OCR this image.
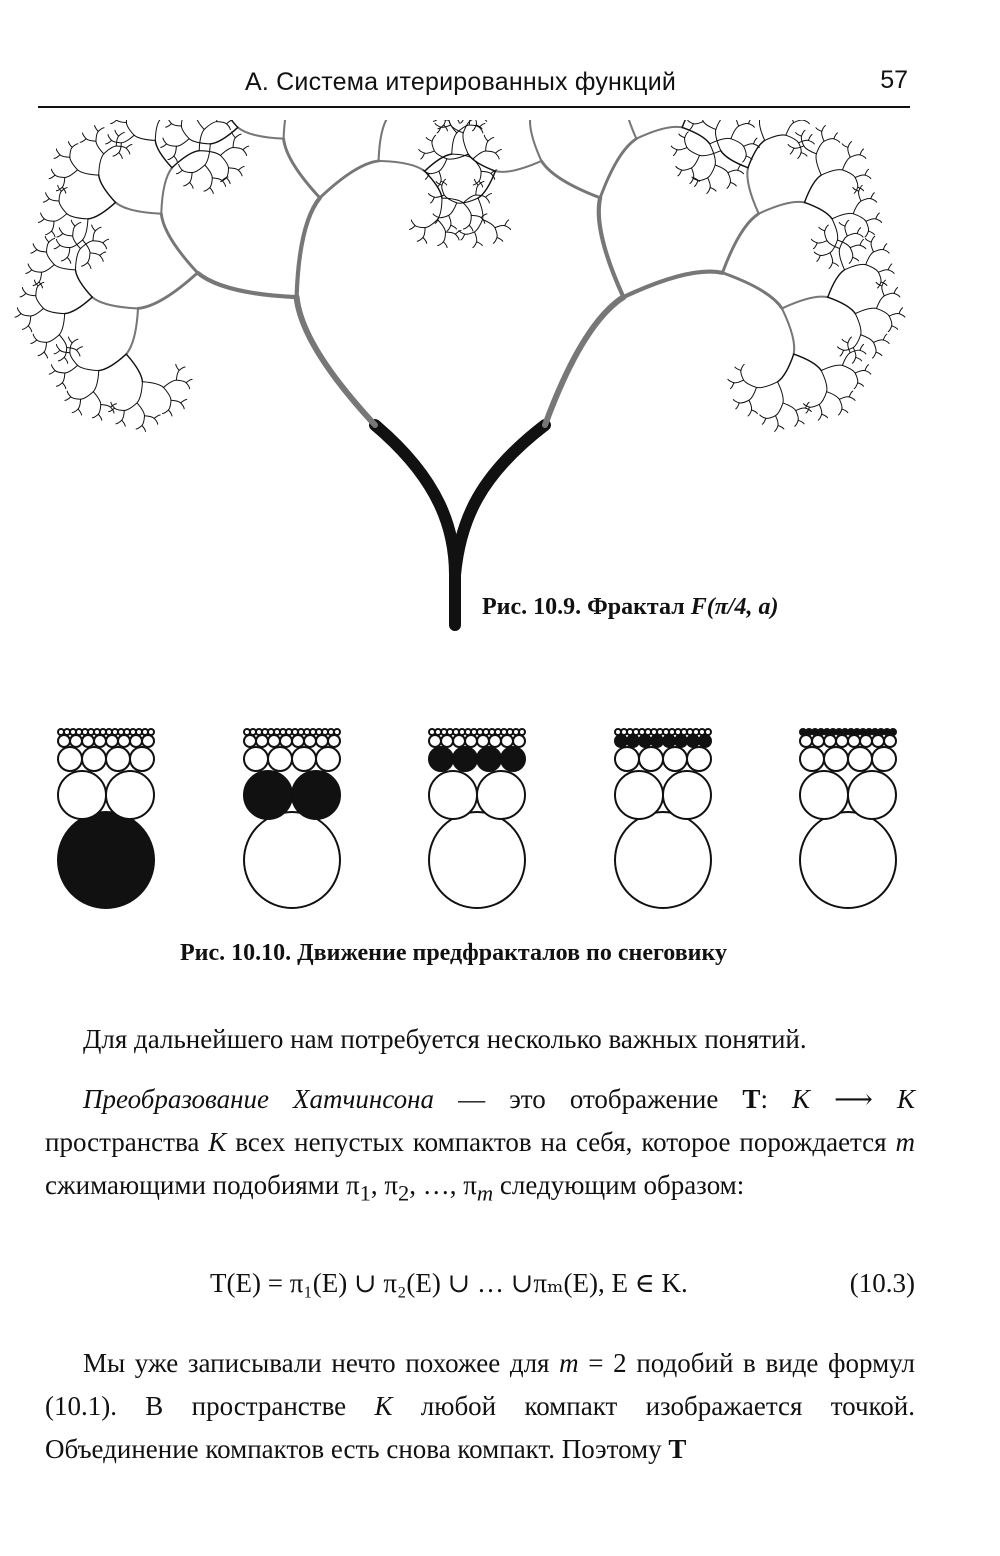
А. Система итерированных функций	57
Рис. 10.9. Фрактал F(π/4, a)
Рис. 10.10. Движение предфракталов по снеговику
Для дальнейшего нам потребуется несколько важных понятий.
Преобразование Хатчинсона — это отображение Т: K ⟶ K пространства K всех непустых компактов на себя, которое порождается m сжимающими подобиями $\pi_1$, $\pi_2$, …, $\pi_m$ следующим образом:
T(E) = π₁(E) ∪ π₂(E) ∪ … ∪πₘ(E), E ∈ K.	(10.3)
Мы уже записывали нечто похожее для m = 2 подобий в виде формул (10.1). В пространстве K любой компакт изображается точкой. Объединение компактов есть снова компакт. Поэтому Т
